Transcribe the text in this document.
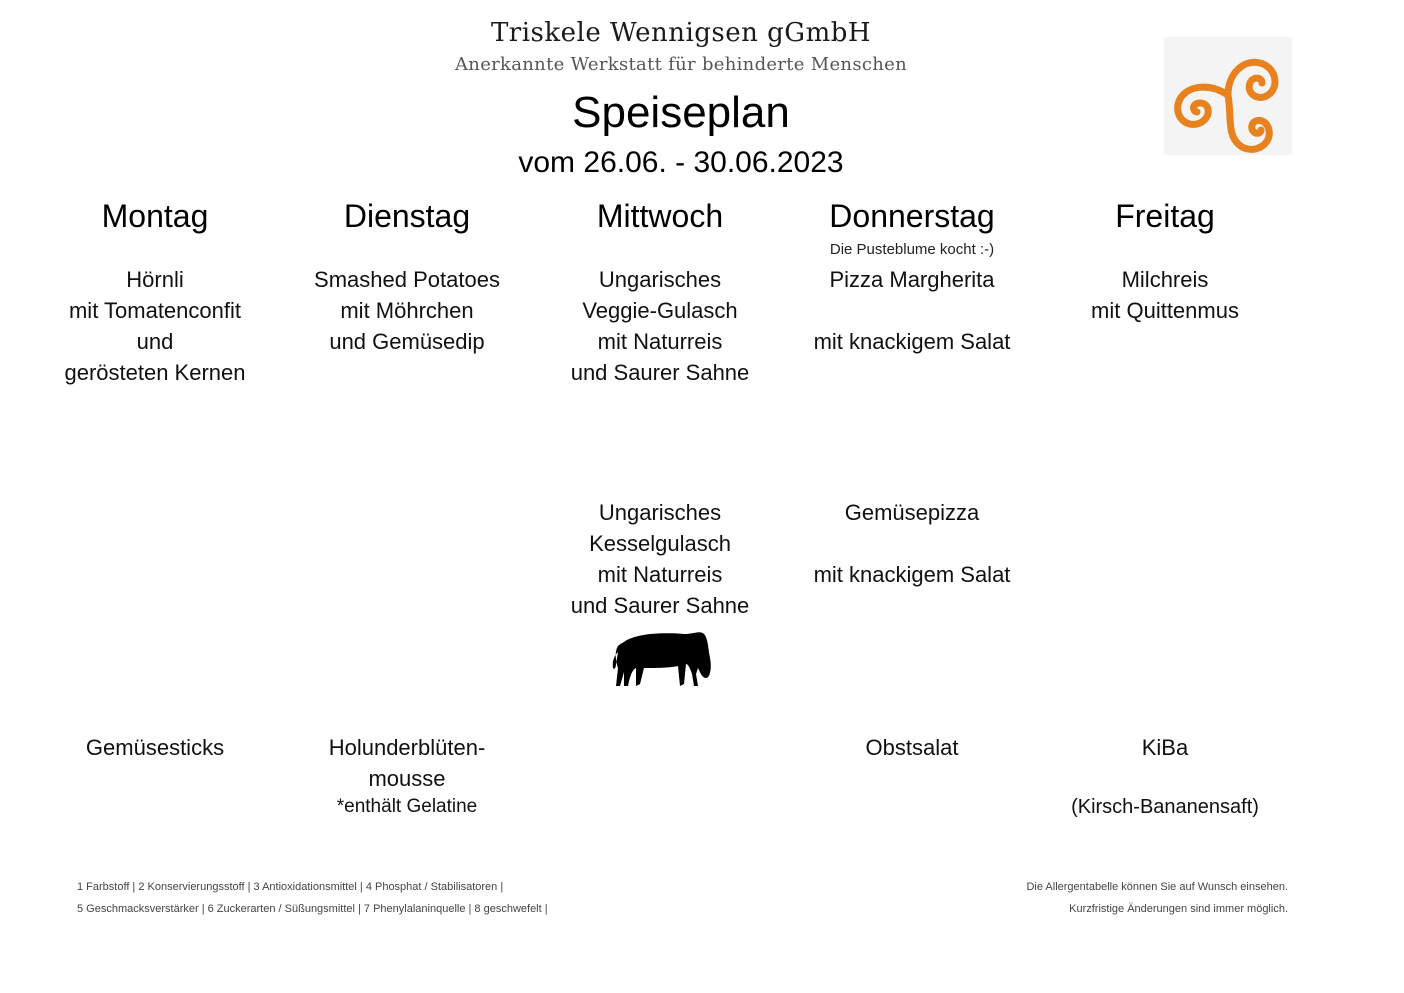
Triskele Wennigsen gGmbH
Anerkannte Werkstatt für behinderte Menschen
Speiseplan
vom 26.06. - 30.06.2023
Montag
Hörnli
mit Tomatenconfit
und
gerösteten Kernen
Gemüsesticks
Dienstag
Smashed Potatoes
mit Möhrchen
und Gemüsedip
Holunderblüten-
mousse
*enthält Gelatine
Mittwoch
Ungarisches
Veggie-Gulasch
mit Naturreis
und Saurer Sahne
Ungarisches
Kesselgulasch
mit Naturreis
und Saurer Sahne
Donnerstag
Die Pusteblume kocht :-)
Pizza Margherita
mit knackigem Salat
Gemüsepizza
mit knackigem Salat
Obstsalat
Freitag
Milchreis
mit Quittenmus
KiBa
(Kirsch-Bananensaft)
1 Farbstoff | 2 Konservierungsstoff | 3 Antioxidationsmittel | 4 Phosphat / Stabilisatoren |
5 Geschmacksverstärker | 6 Zuckerarten / Süßungsmittel | 7 Phenylalaninquelle | 8 geschwefelt |
Die Allergentabelle können Sie auf Wunsch einsehen.
Kurzfristige Änderungen sind immer möglich.
